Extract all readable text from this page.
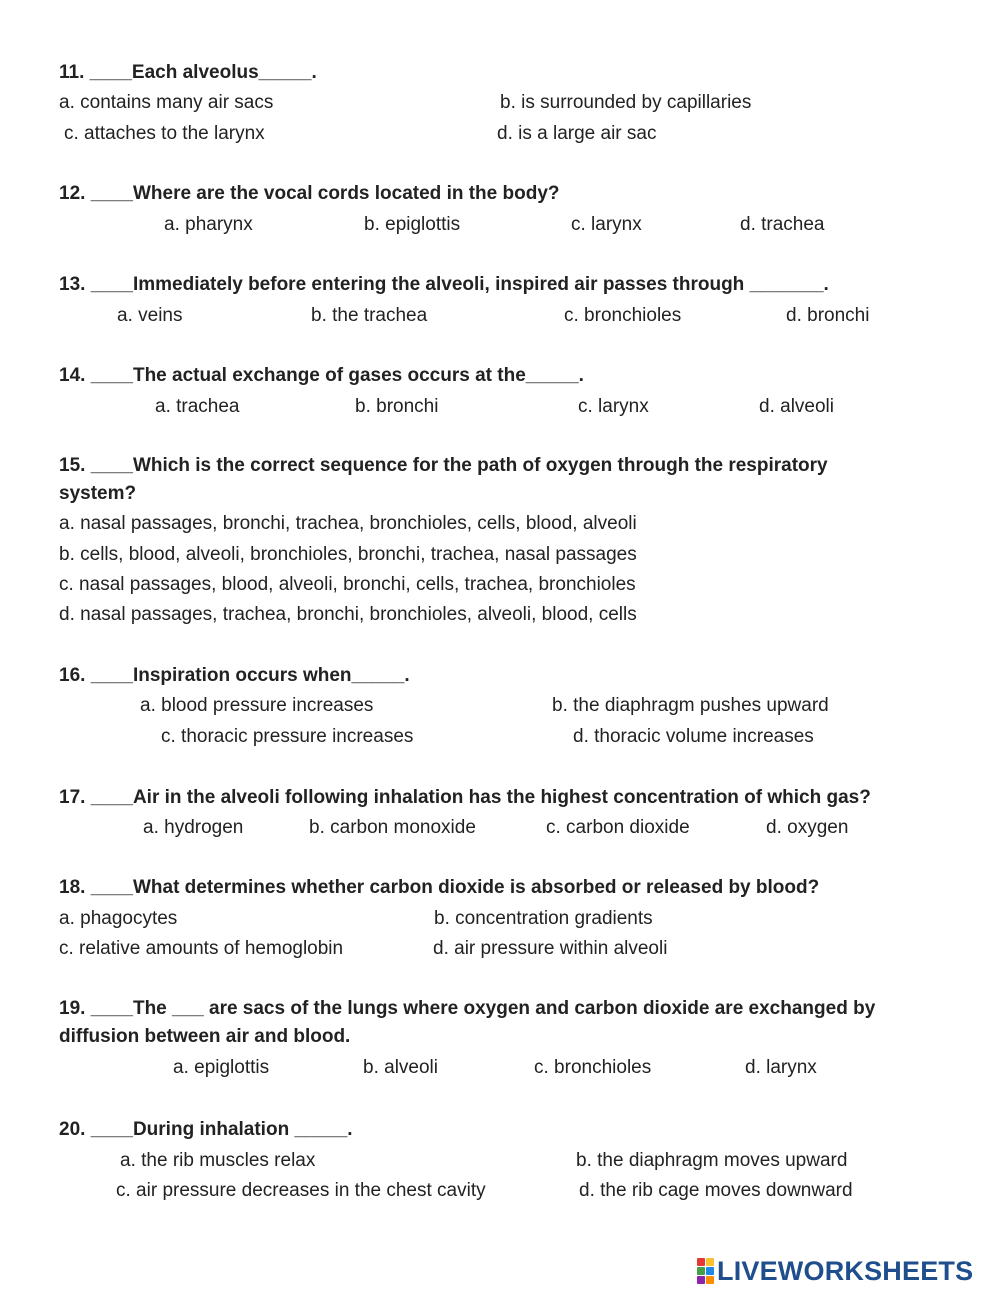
11. ____Each alveolus_____.
a. contains many air sacs	b. is surrounded by capillaries
c. attaches to the larynx	d. is a large air sac
12. ____Where are the vocal cords located in the body?
a. pharynx	b. epiglottis	c. larynx	d. trachea
13. ____Immediately before entering the alveoli, inspired air passes through _______.
a. veins	b. the trachea	c. bronchioles	d. bronchi
14. ____The actual exchange of gases occurs at the_____.
a. trachea	b. bronchi	c. larynx	d. alveoli
15. ____Which is the correct sequence for the path of oxygen through the respiratory
system?
a. nasal passages, bronchi, trachea, bronchioles, cells, blood, alveoli
b. cells, blood, alveoli, bronchioles, bronchi, trachea, nasal passages
c. nasal passages, blood, alveoli, bronchi, cells, trachea, bronchioles
d. nasal passages, trachea, bronchi, bronchioles, alveoli, blood, cells
16. ____Inspiration occurs when_____.
a. blood pressure increases	b. the diaphragm pushes upward
c. thoracic pressure increases	d. thoracic volume increases
17. ____Air in the alveoli following inhalation has the highest concentration of which gas?
a. hydrogen	b. carbon monoxide	c. carbon dioxide	d. oxygen
18. ____What determines whether carbon dioxide is absorbed or released by blood?
a. phagocytes	b. concentration gradients
c. relative amounts of hemoglobin	d. air pressure within alveoli
19. ____The ___ are sacs of the lungs where oxygen and carbon dioxide are exchanged by
diffusion between air and blood.
a. epiglottis	b. alveoli	c. bronchioles	d. larynx
20. ____During inhalation _____.
a. the rib muscles relax	b. the diaphragm moves upward
c. air pressure decreases in the chest cavity	d. the rib cage moves downward
LIVEWORKSHEETS
